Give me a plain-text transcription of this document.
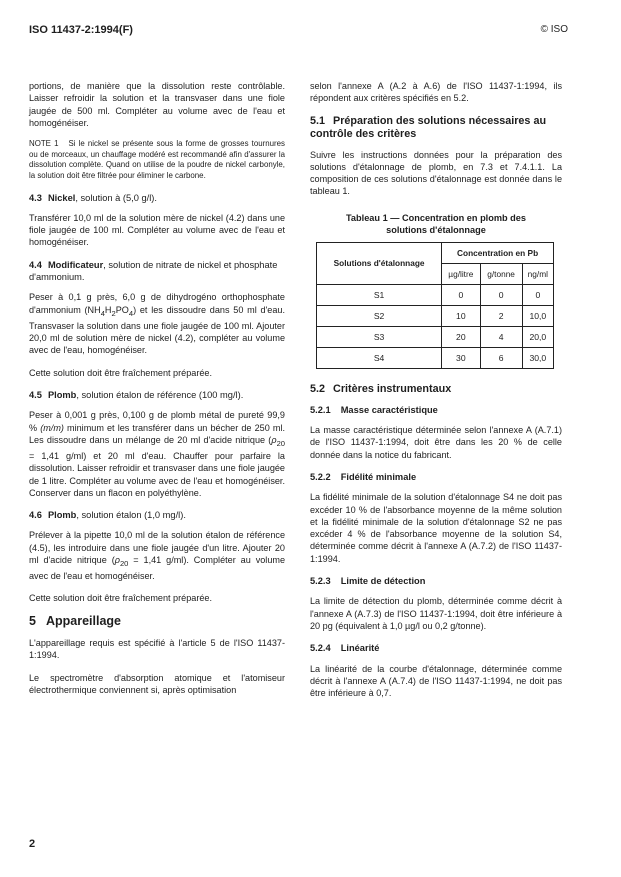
ISO 11437-2:1994(F)	© ISO

portions, de manière que la dissolution reste contrôlable. Laisser refroidir la solution et la transvaser dans une fiole jaugée de 500 ml. Compléter au volume avec de l'eau et homogénéiser.

NOTE 1 Si le nickel se présente sous la forme de grosses tournures ou de morceaux, un chauffage modéré est recommandé afin d'assurer la dissolution complète. Quand on utilise de la poudre de nickel carbonyle, la solution doit être filtrée pour éliminer le carbone.

4.3 Nickel, solution à (5,0 g/l).

Transférer 10,0 ml de la solution mère de nickel (4.2) dans une fiole jaugée de 100 ml. Compléter au volume avec de l'eau et homogénéiser.

4.4 Modificateur, solution de nitrate de nickel et phosphate d'ammonium.

Peser à 0,1 g près, 6,0 g de dihydrogéno orthophosphate d'ammonium $(NH_4H_2PO_4)$ et les dissoudre dans 50 ml d'eau. Transvaser la solution dans une fiole jaugée de 100 ml. Ajouter 20,0 ml de solution mère de nickel (4.2), compléter au volume avec de l'eau, homogénéiser.

Cette solution doit être fraîchement préparée.

4.5 Plomb, solution étalon de référence (100 mg/l).

Peser à 0,001 g près, 0,100 g de plomb métal de pureté 99,9 % (m/m) minimum et les transférer dans un bécher de 250 ml. Les dissoudre dans un mélange de 20 ml d'acide nitrique ($\rho_{20} = 1,41$ g/ml) et 20 ml d'eau. Chauffer pour parfaire la dissolution. Laisser refroidir et transvaser dans une fiole jaugée de 1 litre. Compléter au volume avec de l'eau et homogénéiser. Conserver dans un flacon en polyéthylène.

4.6 Plomb, solution étalon (1,0 mg/l).

Prélever à la pipette 10,0 ml de la solution étalon de référence (4.5), les introduire dans une fiole jaugée d'un litre. Ajouter 20 ml d'acide nitrique ($\rho_{20} = 1,41$ g/ml). Compléter au volume avec de l'eau et homogénéiser.

Cette solution doit être fraîchement préparée.

5 Appareillage

L'appareillage requis est spécifié à l'article 5 de l'ISO 11437-1:1994.

Le spectromètre d'absorption atomique et l'atomiseur électrothermique conviennent si, après optimisation

selon l'annexe A (A.2 à A.6) de l'ISO 11437-1:1994, ils répondent aux critères spécifiés en 5.2.

5.1 Préparation des solutions nécessaires au contrôle des critères

Suivre les instructions données pour la préparation des solutions d'étalonnage de plomb, en 7.3 et 7.4.1.1. La composition de ces solutions d'étalonnage est donnée dans le tableau 1.

Tableau 1 — Concentration en plomb des
solutions d'étalonnage
Solutions d'étalonnage	Concentration en Pb		
	µg/litre	g/tonne	ng/ml
S1	0	0	0
S2	10	2	10,0
S3	20	4	20,0
S4	30	6	30,0
5.2 Critères instrumentaux
5.2.1 Masse caractéristique

La masse caractéristique déterminée selon l'annexe A (A.7.1) de l'ISO 11437-1:1994, doit être dans les 20 % de celle donnée dans la notice du fabricant.

5.2.2 Fidélité minimale

La fidélité minimale de la solution d'étalonnage S4 ne doit pas excéder 10 % de l'absorbance moyenne de la même solution et la fidélité minimale de la solution d'étalonnage S2 ne pas excéder 4 % de l'absorbance moyenne de la solution S4, déterminée comme décrit à l'annexe A (A.7.2) de l'ISO 11437-1:1994.

5.2.3 Limite de détection

La limite de détection du plomb, déterminée comme décrit à l'annexe A (A.7.3) de l'ISO 11437-1:1994, doit être inférieure à 20 pg (équivalent à 1,0 µg/l ou 0,2 g/tonne).

5.2.4 Linéarité

La linéarité de la courbe d'étalonnage, déterminée comme décrit à l'annexe A (A.7.4) de l'ISO 11437-1:1994, ne doit pas être inférieure à 0,7.

2
